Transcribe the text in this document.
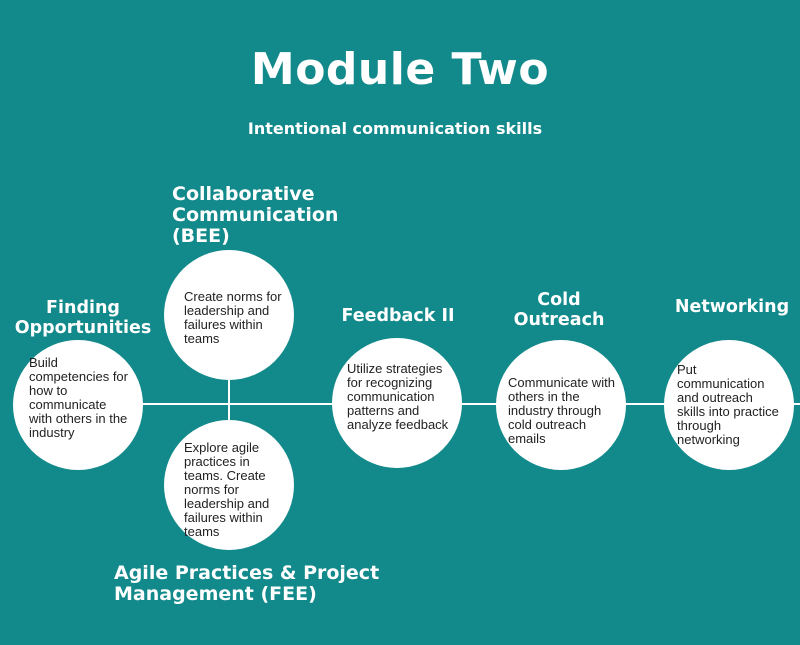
Module Two
Intentional communication skills
Finding
Opportunities
Build competencies for how to communicate with others in the industry
Collaborative
Communication
(BEE)
Create norms for leadership and failures within teams
Explore agile practices in teams. Create norms for leadership and failures within teams
Agile Practices & Project
Management (FEE)
Feedback II
Utilize strategies for recognizing communication patterns and analyze feedback
Cold
Outreach
Communicate with others in the industry through cold outreach emails
Networking
Put communication and outreach skills into practice through networking
